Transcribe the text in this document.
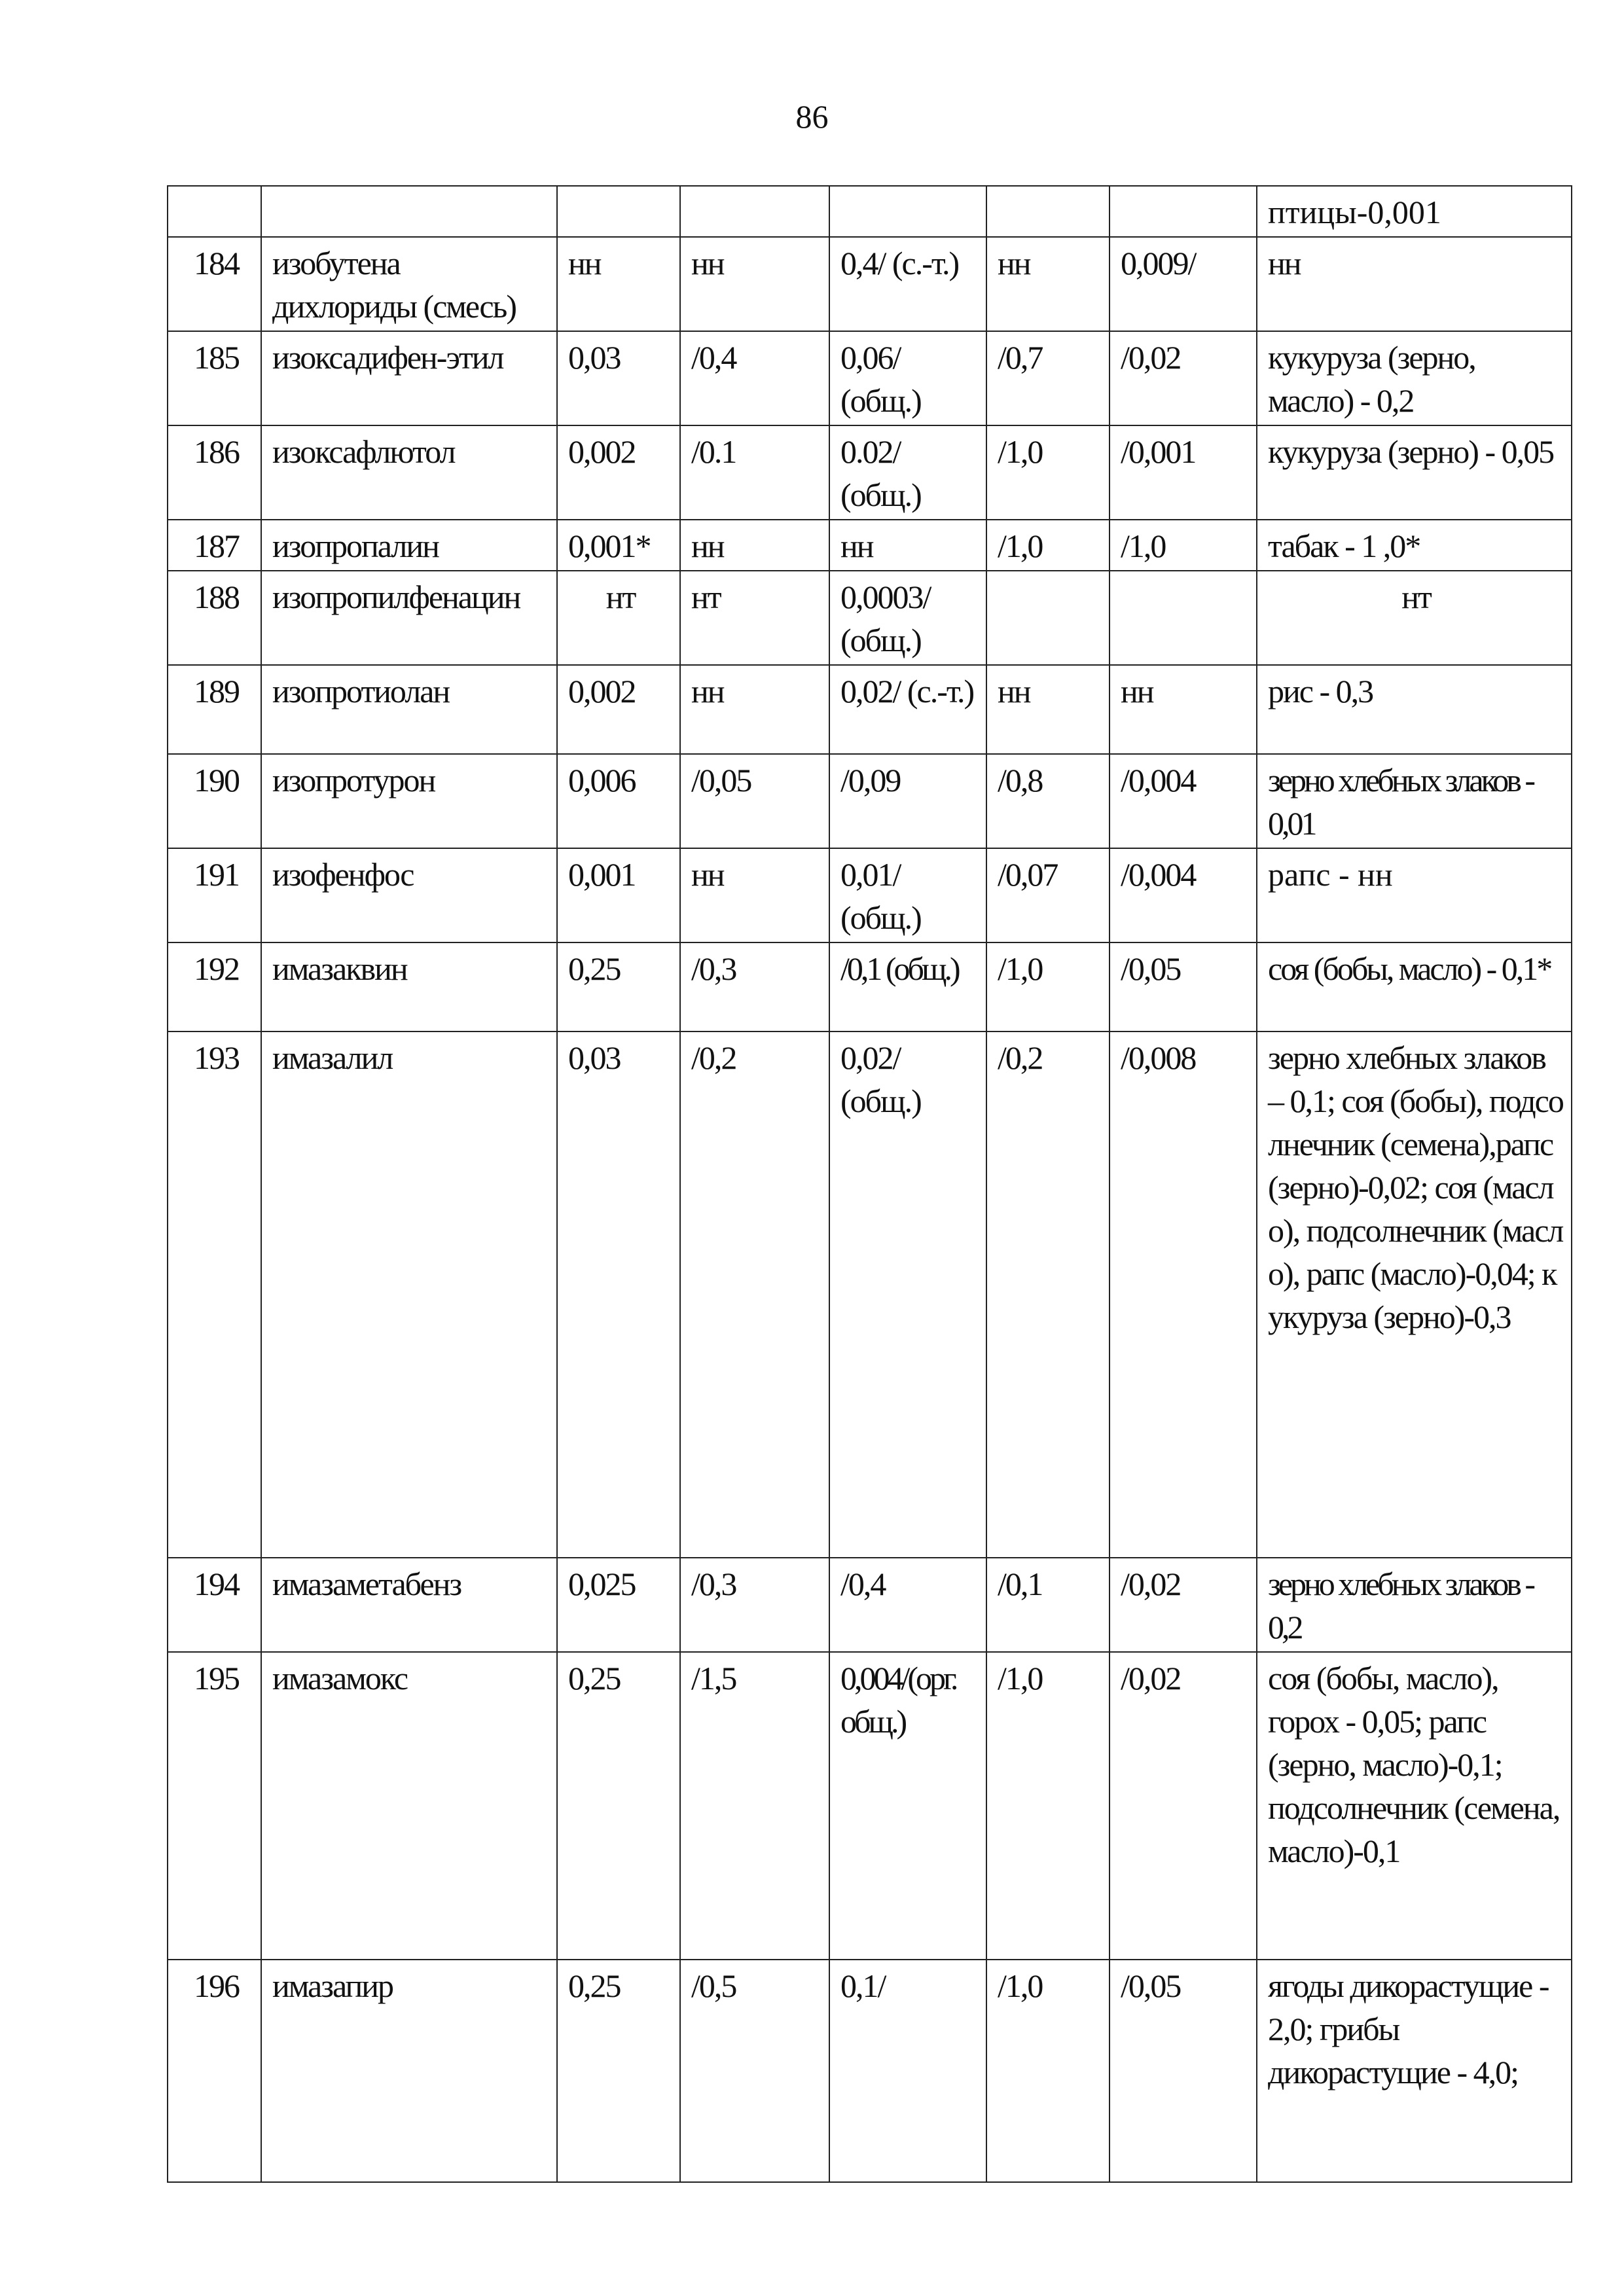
86
							птицы-0,001
184	изобутена дихлориды (смесь)	нн	нн	0,4/ (с.-т.)	нн	0,009/	нн
185	изоксадифен-этил	0,03	/0,4	0,06/ (общ.)	/0,7	/0,02	кукуруза (зерно, масло) - 0,2
186	изоксафлютол	0,002	/0.1	0.02/ (общ.)	/1,0	/0,001	кукуруза (зерно) - 0,05
187	изопропалин	0,001*	нн	нн	/1,0	/1,0	табак - 1 ,0*
188	изопропилфенацин	нт	нт	0,0003/ (общ.)			нт
189	изопротиолан	0,002	нн	0,02/ (с.-т.)	нн	нн	рис - 0,3
190	изопротурон	0,006	/0,05	/0,09	/0,8	/0,004	зерно хлебных злаков - 0,01
191	изофенфос	0,001	нн	0,01/ (общ.)	/0,07	/0,004	рапс - нн
192	имазаквин	0,25	/0,3	/0,1 (общ.)	/1,0	/0,05	соя (бобы, масло) - 0,1*
193	имазалил	0,03	/0,2	0,02/ (общ.)	/0,2	/0,008	зерно хлебных злаков – 0,1; соя (бобы), подсолнечник (семена),рапс(зерно)-0,02; соя (масло), подсолнечник (масло), рапс (масло)-0,04; кукуруза (зерно)-0,3
194	имазаметабенз	0,025	/0,3	/0,4	/0,1	/0,02	зерно хлебных злаков - 0,2
195	имазамокс	0,25	/1,5	0,004/(орг. общ.)	/1,0	/0,02	соя (бобы, масло), горох - 0,05; рапс (зерно, масло)-0,1; подсолнечник (семена, масло)-0,1
196	имазапир	0,25	/0,5	0,1/	/1,0	/0,05	ягоды дикорастущие - 2,0; грибы дикорастущие - 4,0;
